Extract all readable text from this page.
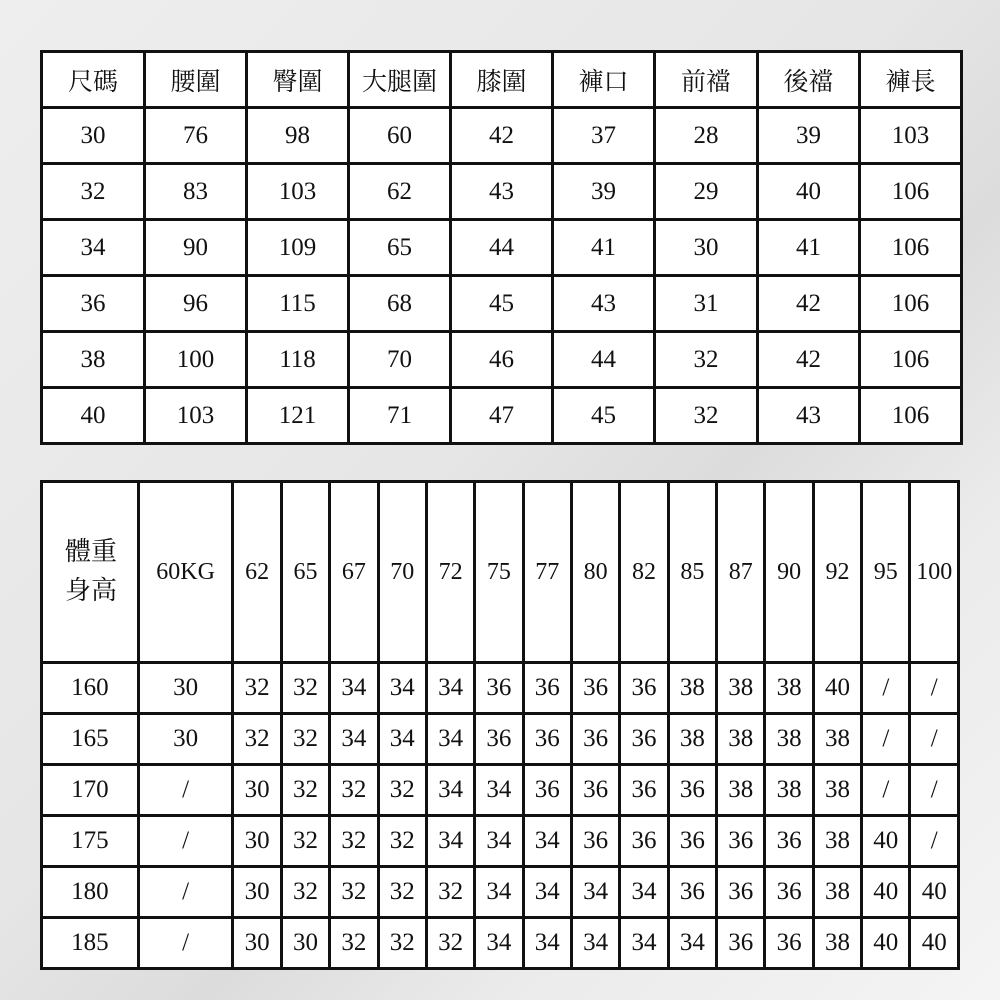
尺碼	腰圍	臀圍	大腿圍	膝圍	褲口	前襠	後襠	褲長
30	76	98	60	42	37	28	39	103
32	83	103	62	43	39	29	40	106
34	90	109	65	44	41	30	41	106
36	96	115	68	45	43	31	42	106
38	100	118	70	46	44	32	42	106
40	103	121	71	47	45	32	43	106
體重
身高	60KG	62	65	67	70	72	75	77	80	82	85	87	90	92	95	100
160	30	32	32	34	34	34	36	36	36	36	38	38	38	40	/	/
165	30	32	32	34	34	34	36	36	36	36	38	38	38	38	/	/
170	/	30	32	32	32	34	34	36	36	36	36	38	38	38	/	/
175	/	30	32	32	32	34	34	34	36	36	36	36	36	38	40	/
180	/	30	32	32	32	32	34	34	34	34	36	36	36	38	40	40
185	/	30	30	32	32	32	34	34	34	34	34	36	36	38	40	40
